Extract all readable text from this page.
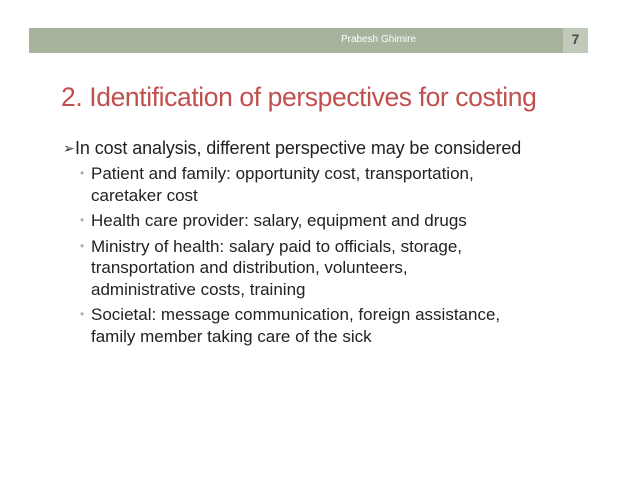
Prabesh Ghimire	7
2. Identification of perspectives for costing
➢ In cost analysis, different perspective may be considered
• Patient and family: opportunity cost, transportation,
caretaker cost
• Health care provider: salary, equipment and drugs
• Ministry of health: salary paid to officials, storage,
transportation and distribution, volunteers,
administrative costs, training
• Societal: message communication, foreign assistance,
family member taking care of the sick
